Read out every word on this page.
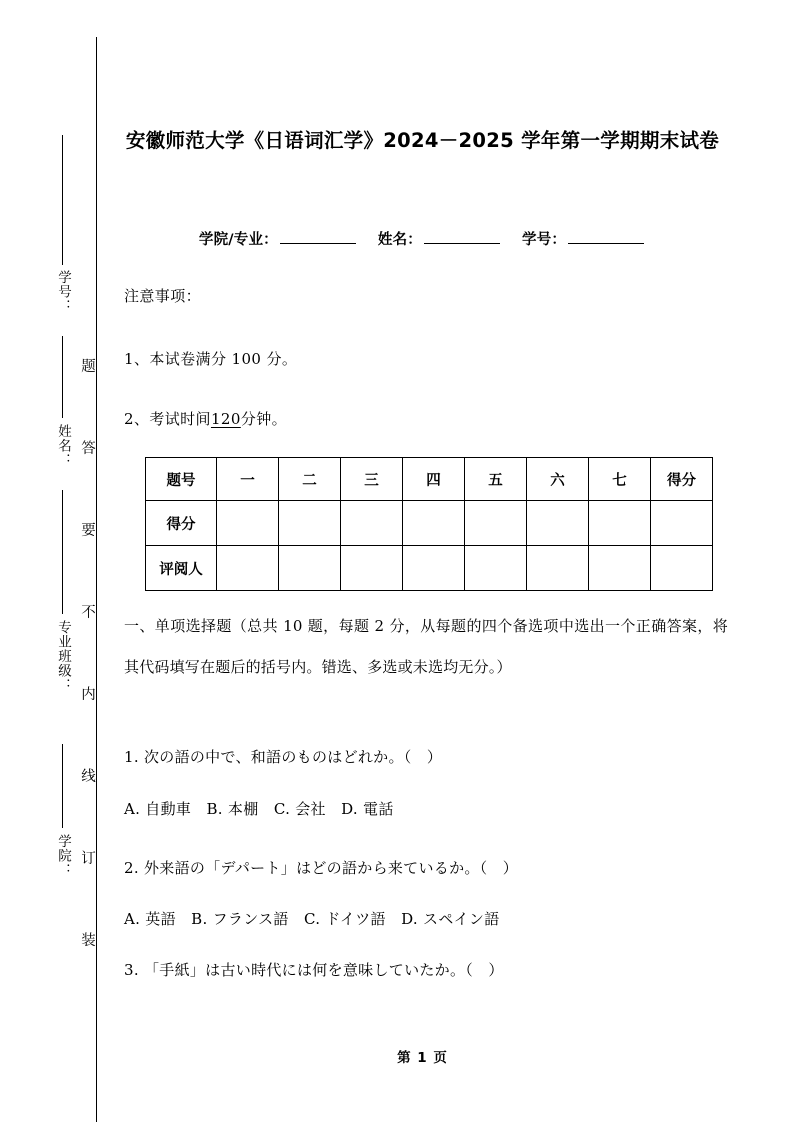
学号：
姓名：
专业班级：
学院：
题
答
要
不
内
线
订
装
安徽师范大学《日语词汇学》2024－2025 学年第一学期期末试卷
学院/专业：	姓名：	学号：
注意事项：
1、本试卷满分 100 分。
2、考试时间120分钟。
题号	一	二	三	四	五	六	七	得分
得分								
评阅人								
一、单项选择题（总共 10 题，每题 2 分，从每题的四个备选项中选出一个正确答案，将其代码填写在题后的括号内。错选、多选或未选均无分。）
1. 次の語の中で、和語のものはどれか。（　）
A. 自動車　B. 本棚　C. 会社　D. 電話
2. 外来語の「デパート」はどの語から来ているか。（　）
A. 英語　B. フランス語　C. ドイツ語　D. スペイン語
3. 「手紙」は古い時代には何を意味していたか。（　）
第 1 页
